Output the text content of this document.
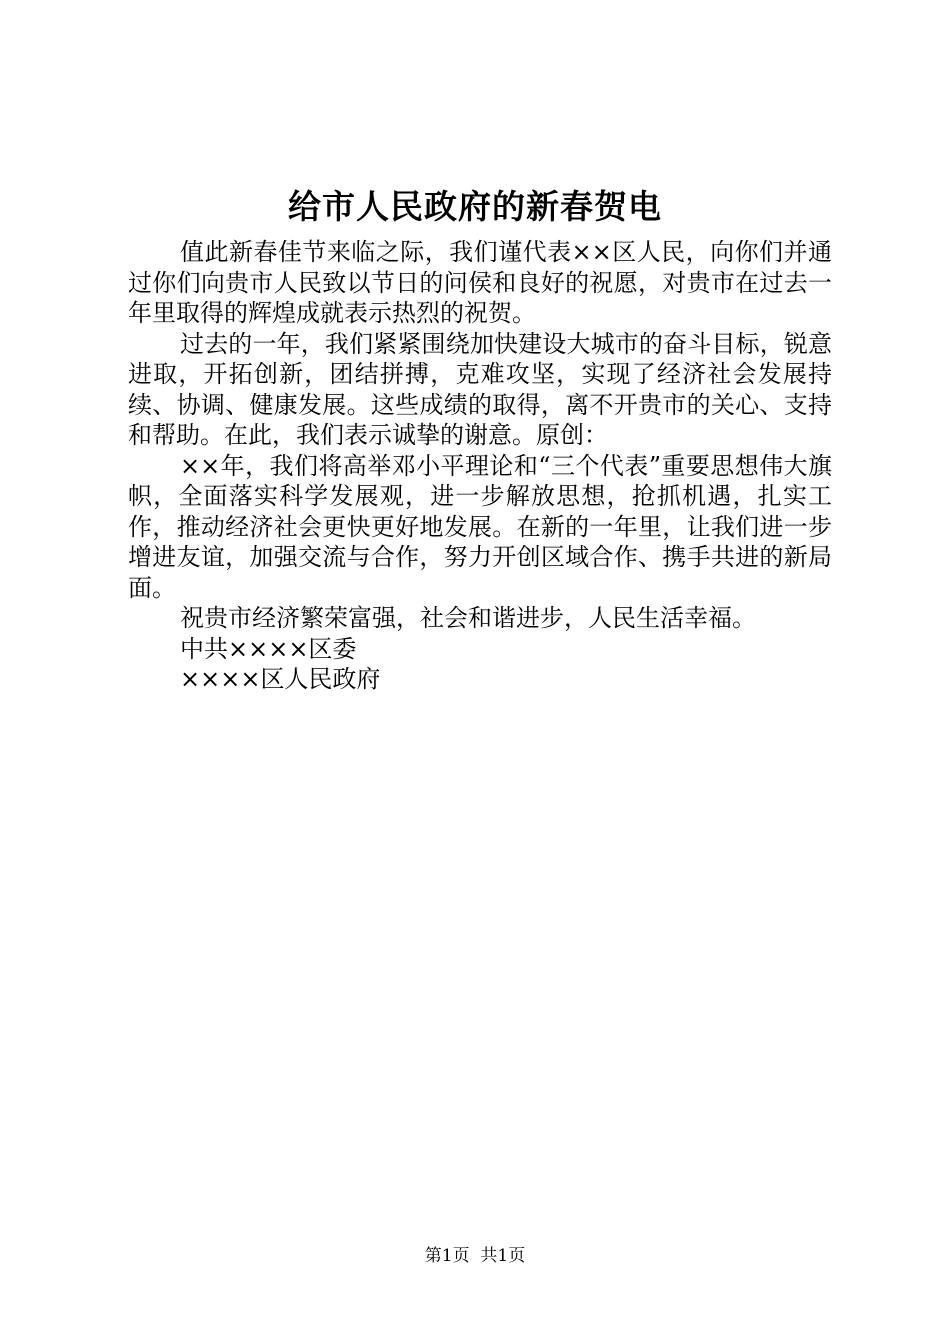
给市人民政府的新春贺电

值此新春佳节来临之际，我们谨代表××区人民，向你们并通过你们向贵市人民致以节日的问侯和良好的祝愿，对贵市在过去一年里取得的辉煌成就表示热烈的祝贺。

过去的一年，我们紧紧围绕加快建设大城市的奋斗目标，锐意进取，开拓创新，团结拼搏，克难攻坚，实现了经济社会发展持续、协调、健康发展。这些成绩的取得，离不开贵市的关心、支持和帮助。在此，我们表示诚挚的谢意。原创：

××年，我们将高举邓小平理论和“三个代表”重要思想伟大旗帜，全面落实科学发展观，进一步解放思想，抢抓机遇，扎实工作，推动经济社会更快更好地发展。在新的一年里，让我们进一步增进友谊，加强交流与合作，努力开创区域合作、携手共进的新局面。

祝贵市经济繁荣富强，社会和谐进步，人民生活幸福。

中共××××区委

××××区人民政府

第1页  共1页
